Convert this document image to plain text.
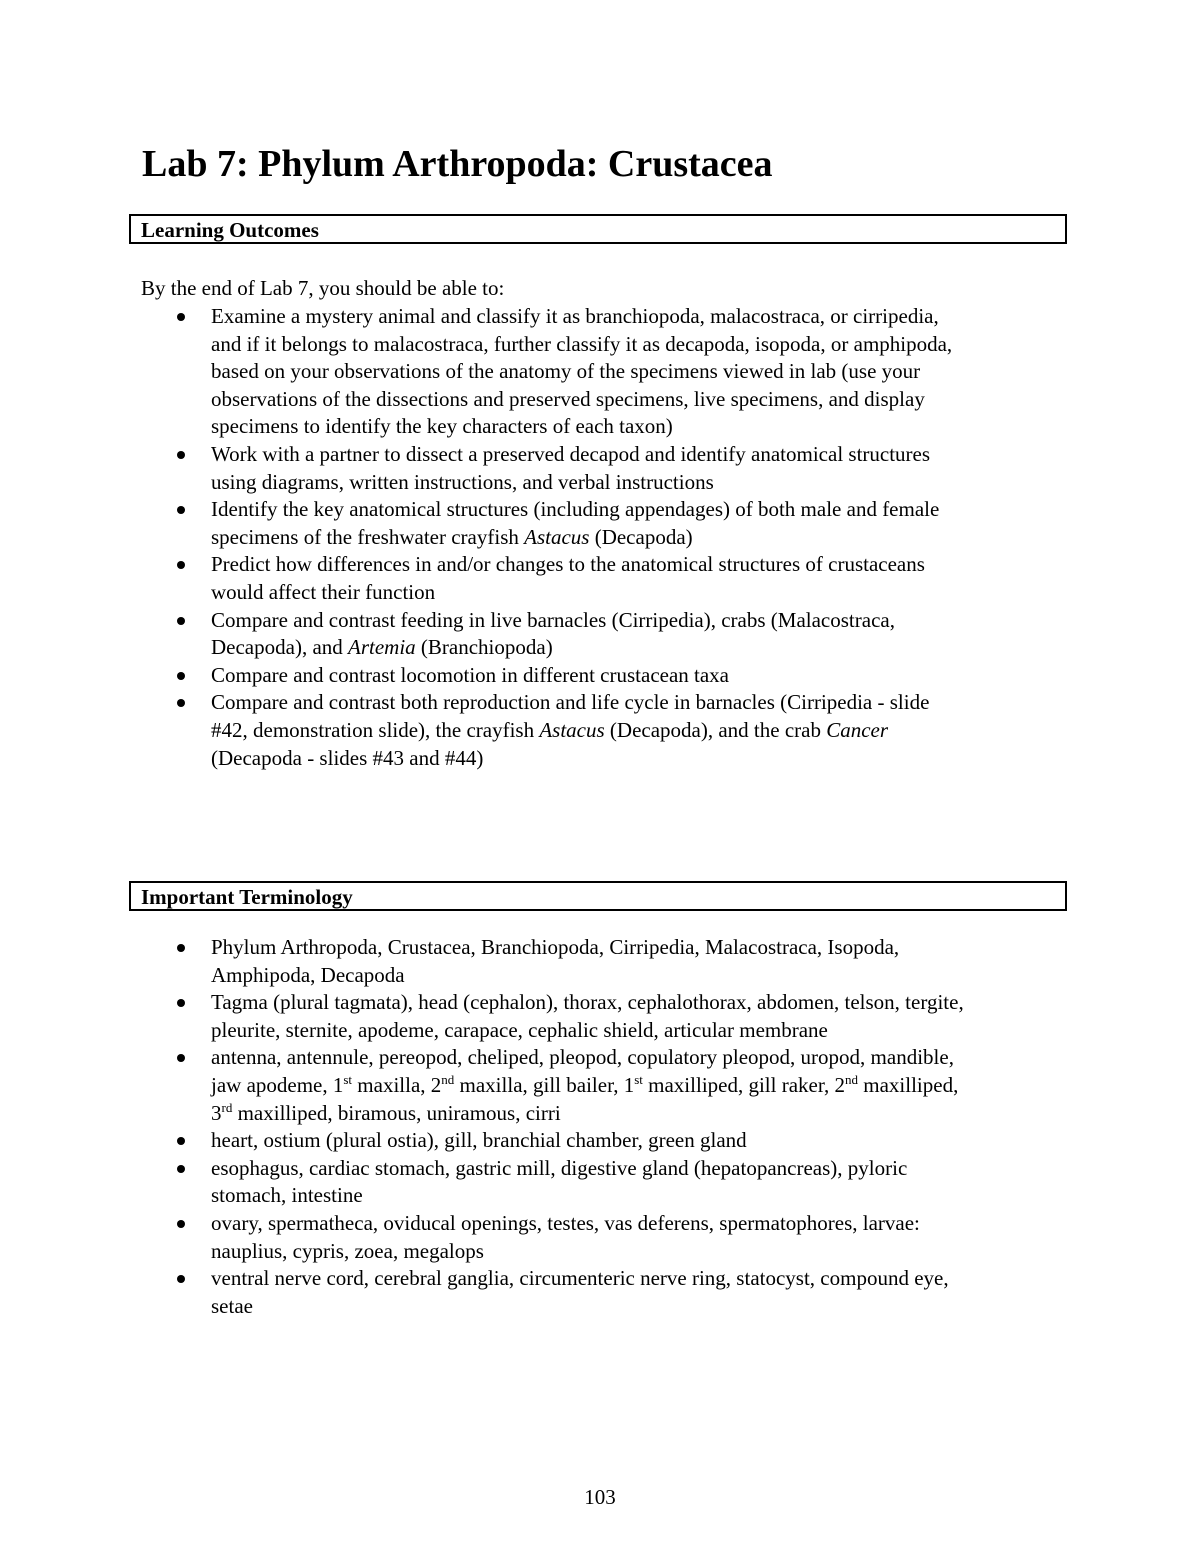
Lab 7: Phylum Arthropoda: Crustacea
Learning Outcomes

By the end of Lab 7, you should be able to:

Examine a mystery animal and classify it as branchiopoda, malacostraca, or cirripedia,
and if it belongs to malacostraca, further classify it as decapoda, isopoda, or amphipoda,
based on your observations of the anatomy of the specimens viewed in lab (use your
observations of the dissections and preserved specimens, live specimens, and display
specimens to identify the key characters of each taxon)
Work with a partner to dissect a preserved decapod and identify anatomical structures
using diagrams, written instructions, and verbal instructions
Identify the key anatomical structures (including appendages) of both male and female
specimens of the freshwater crayfish Astacus (Decapoda)
Predict how differences in and/or changes to the anatomical structures of crustaceans
would affect their function
Compare and contrast feeding in live barnacles (Cirripedia), crabs (Malacostraca,
Decapoda), and Artemia (Branchiopoda)
Compare and contrast locomotion in different crustacean taxa
Compare and contrast both reproduction and life cycle in barnacles (Cirripedia - slide
#42, demonstration slide), the crayfish Astacus (Decapoda), and the crab Cancer
(Decapoda - slides #43 and #44)
Important Terminology
Phylum Arthropoda, Crustacea, Branchiopoda, Cirripedia, Malacostraca, Isopoda,
Amphipoda, Decapoda
Tagma (plural tagmata), head (cephalon), thorax, cephalothorax, abdomen, telson, tergite,
pleurite, sternite, apodeme, carapace, cephalic shield, articular membrane
antenna, antennule, pereopod, cheliped, pleopod, copulatory pleopod, uropod, mandible,
jaw apodeme, 1st maxilla, 2nd maxilla, gill bailer, 1st maxilliped, gill raker, 2nd maxilliped,
3rd maxilliped, biramous, uniramous, cirri
heart, ostium (plural ostia), gill, branchial chamber, green gland
esophagus, cardiac stomach, gastric mill, digestive gland (hepatopancreas), pyloric
stomach, intestine
ovary, spermatheca, oviducal openings, testes, vas deferens, spermatophores, larvae:
nauplius, cypris, zoea, megalops
ventral nerve cord, cerebral ganglia, circumenteric nerve ring, statocyst, compound eye,
setae
103
